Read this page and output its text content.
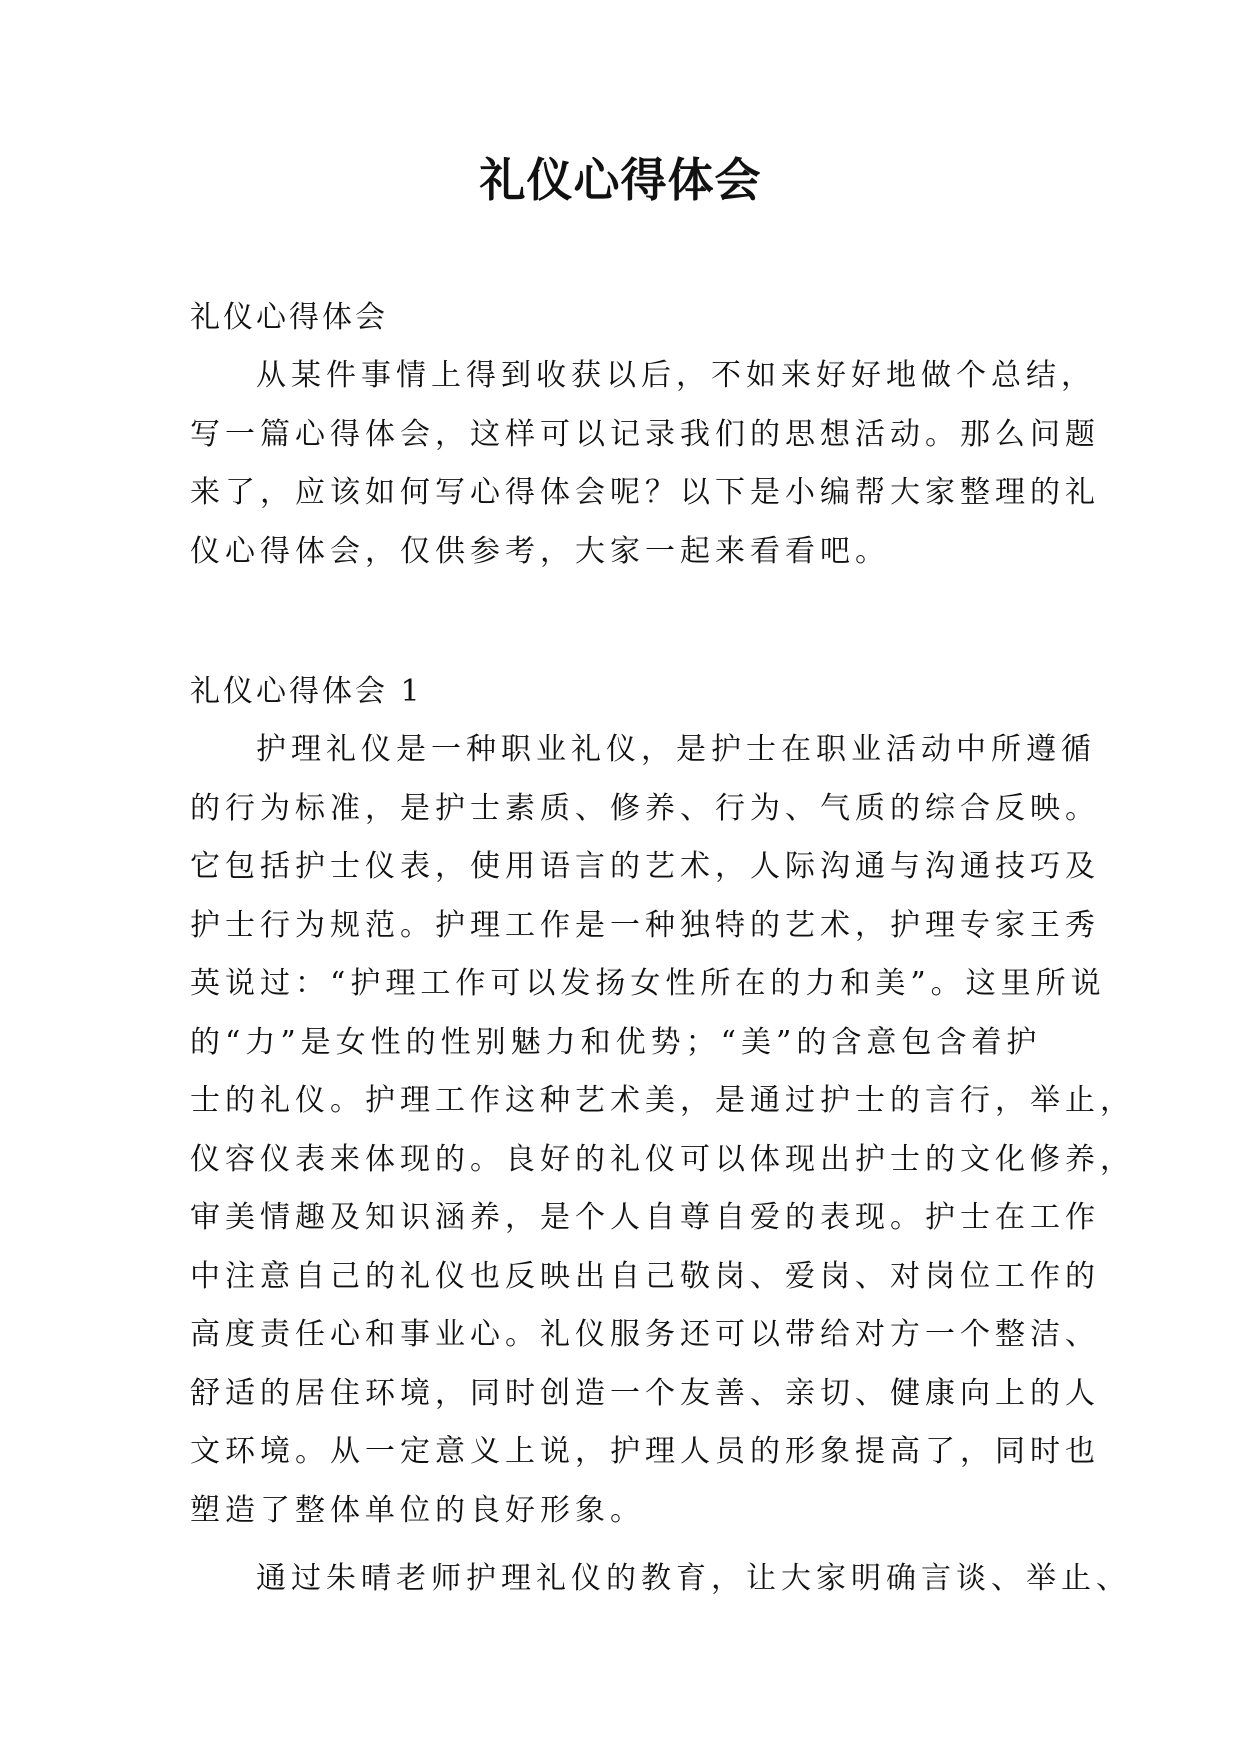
礼仪心得体会

礼仪心得体会

从某件事情上得到收获以后，不如来好好地做个总结，
写一篇心得体会，这样可以记录我们的思想活动。那么问题
来了，应该如何写心得体会呢？以下是小编帮大家整理的礼
仪心得体会，仅供参考，大家一起来看看吧。

礼仪心得体会 1

护理礼仪是一种职业礼仪，是护士在职业活动中所遵循
的行为标准，是护士素质、修养、行为、气质的综合反映。
它包括护士仪表，使用语言的艺术，人际沟通与沟通技巧及
护士行为规范。护理工作是一种独特的艺术，护理专家王秀
英说过：“护理工作可以发扬女性所在的力和美”。这里所说
的“力”是女性的性别魅力和优势；“美”的含意包含着护
士的礼仪。护理工作这种艺术美，是通过护士的言行，举止，
仪容仪表来体现的。良好的礼仪可以体现出护士的文化修养，
审美情趣及知识涵养，是个人自尊自爱的表现。护士在工作
中注意自己的礼仪也反映出自己敬岗、爱岗、对岗位工作的
高度责任心和事业心。礼仪服务还可以带给对方一个整洁、
舒适的居住环境，同时创造一个友善、亲切、健康向上的人
文环境。从一定意义上说，护理人员的形象提高了，同时也
塑造了整体单位的良好形象。
通过朱晴老师护理礼仪的教育，让大家明确言谈、举止、
